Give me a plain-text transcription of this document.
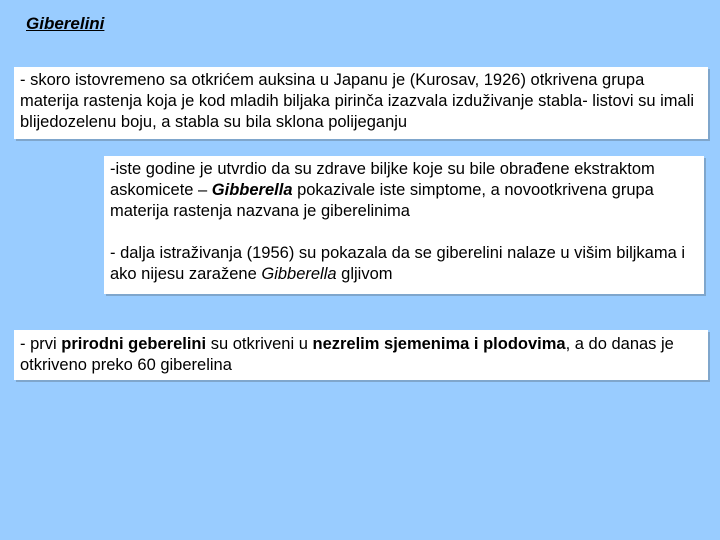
Giberelini
- skoro istovremeno sa otkrićem auksina u Japanu je (Kurosav, 1926) otkrivena grupa materija rastenja koja je kod mladih biljaka pirinča izazvala izduživanje stabla- listovi su imali blijedozelenu boju, a stabla su bila sklona polijeganju
-iste godine je utvrdio da su zdrave biljke koje su bile obrađene ekstraktom askomicete – Gibberella pokazivale iste simptome, a novootkrivena grupa materija rastenja nazvana je giberelinima
- dalja istraživanja (1956) su pokazala da se giberelini nalaze u višim biljkama i ako nijesu zaražene Gibberella gljivom
- prvi prirodni geberelini su otkriveni u nezrelim sjemenima i plodovima, a do danas je otkriveno preko 60 giberelina
